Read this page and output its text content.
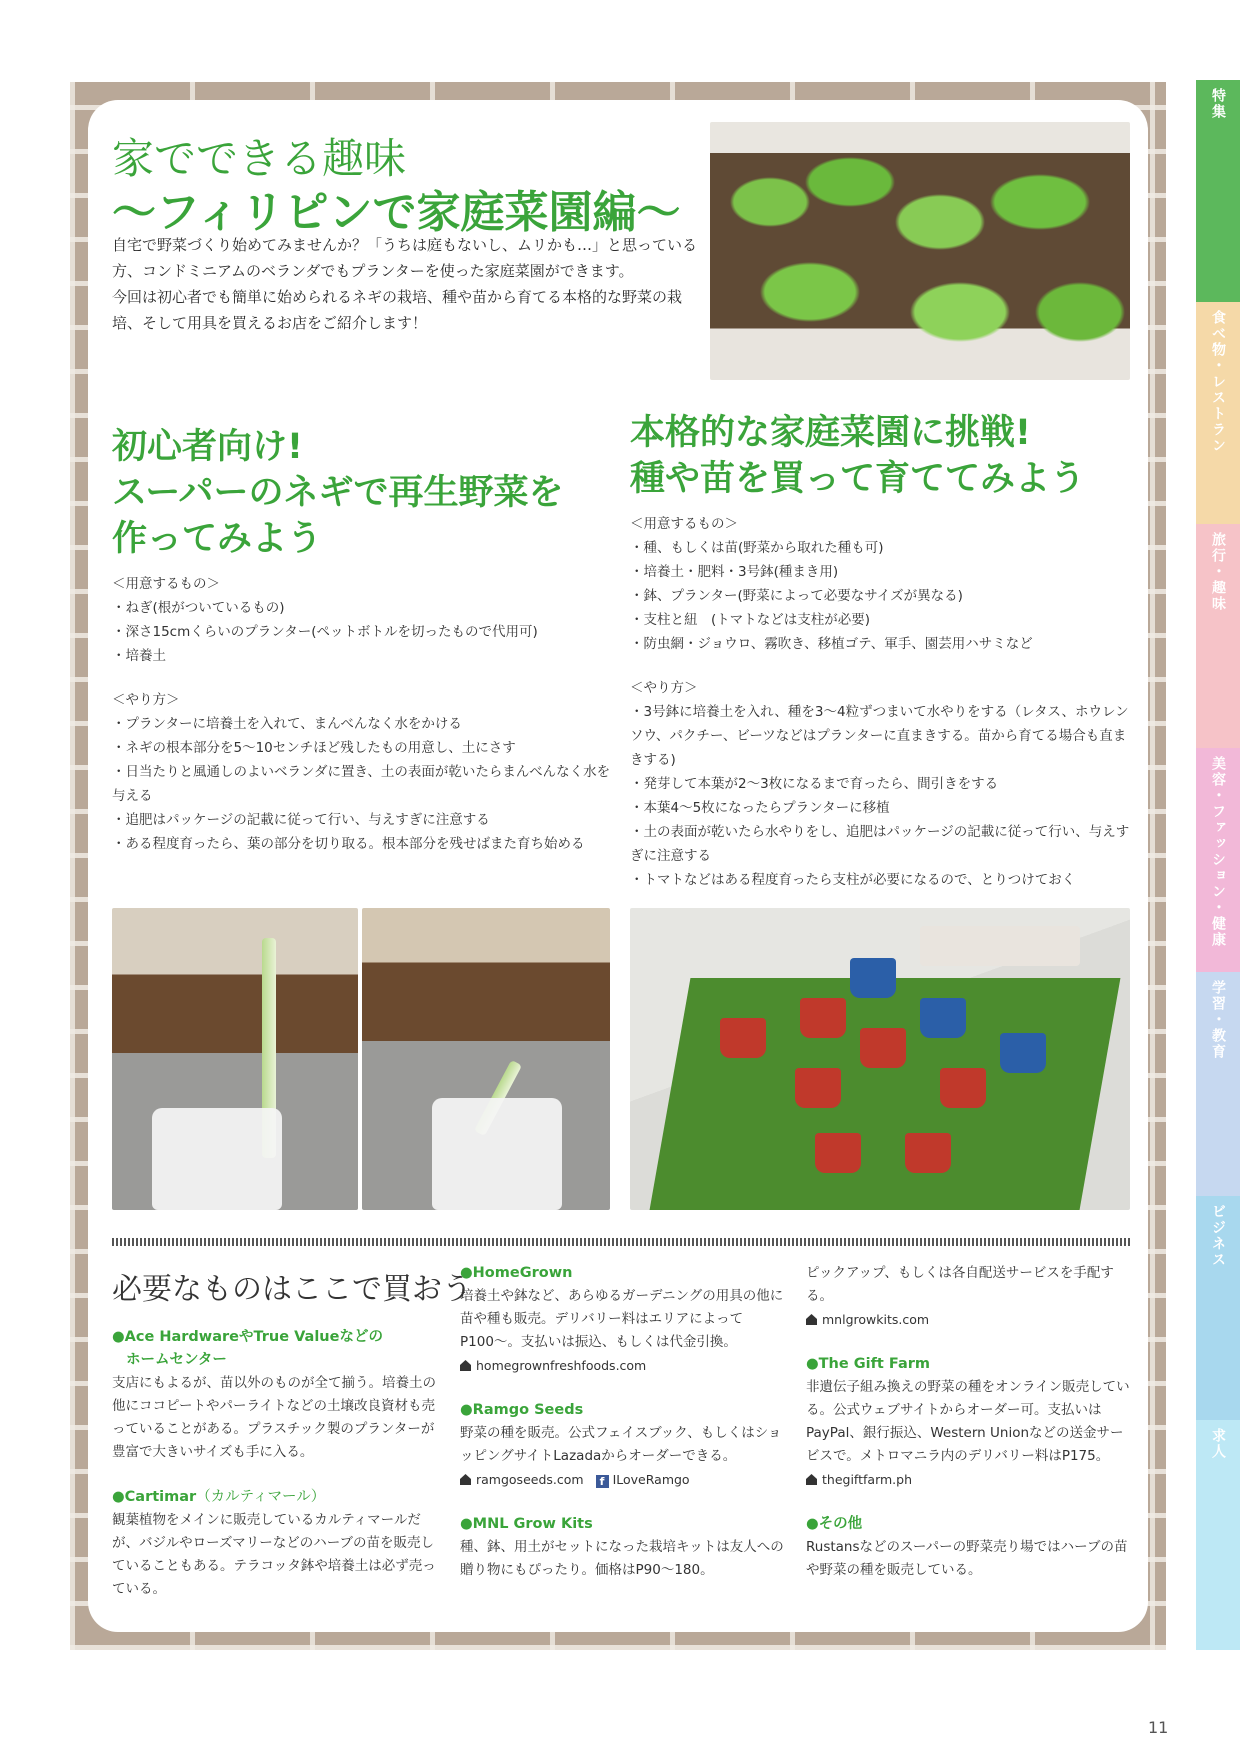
特集
食べ物・レストラン
旅行・趣味
美容・ファッション・健康
学習・教育
ビジネス
求人
家でできる趣味
〜フィリピンで家庭菜園編〜

自宅で野菜づくり始めてみませんか？「うちは庭もないし、ムリかも…」と思っている方、コンドミニアムのベランダでもプランターを使った家庭菜園ができます。

今回は初心者でも簡単に始められるネギの栽培、種や苗から育てる本格的な野菜の栽培、そして用具を買えるお店をご紹介します！

初心者向け!
スーパーのネギで再生野菜を
作ってみよう
＜用意するもの＞
・ねぎ(根がついているもの)
・深さ15cmくらいのプランター(ペットボトルを切ったもので代用可)
・培養土
＜やり方＞
・プランターに培養土を入れて、まんべんなく水をかける
・ネギの根本部分を5〜10センチほど残したもの用意し、土にさす
・日当たりと風通しのよいベランダに置き、土の表面が乾いたらまんべんなく水を与える
・追肥はパッケージの記載に従って行い、与えすぎに注意する
・ある程度育ったら、葉の部分を切り取る。根本部分を残せばまた育ち始める
本格的な家庭菜園に挑戦!
種や苗を買って育ててみよう
＜用意するもの＞
・種、もしくは苗(野菜から取れた種も可)
・培養土・肥料・3号鉢(種まき用)
・鉢、プランター(野菜によって必要なサイズが異なる)
・支柱と紐　(トマトなどは支柱が必要)
・防虫網・ジョウロ、霧吹き、移植ゴテ、軍手、園芸用ハサミなど
＜やり方＞
・3号鉢に培養土を入れ、種を3〜4粒ずつまいて水やりをする（レタス、ホウレンソウ、パクチー、ビーツなどはプランターに直まきする。苗から育てる場合も直まきする)
・発芽して本葉が2〜3枚になるまで育ったら、間引きをする
・本葉4〜5枚になったらプランターに移植
・土の表面が乾いたら水やりをし、追肥はパッケージの記載に従って行い、与えすぎに注意する
・トマトなどはある程度育ったら支柱が必要になるので、とりつけておく
必要なものはここで買おう
●Ace HardwareやTrue Valueなどの
ホームセンター

支店にもよるが、苗以外のものが全て揃う。培養土の他にココピートやパーライトなどの土壌改良資材も売っていることがある。プラスチック製のプランターが豊富で大きいサイズも手に入る。

●Cartimar（カルティマール）

観葉植物をメインに販売しているカルティマールだが、バジルやローズマリーなどのハーブの苗を販売していることもある。テラコッタ鉢や培養土は必ず売っている。

●HomeGrown

培養土や鉢など、あらゆるガーデニングの用具の他に苗や種も販売。デリバリー料はエリアによってP100〜。支払いは振込、もしくは代金引換。

homegrownfreshfoods.com
●Ramgo Seeds

野菜の種を販売。公式フェイスブック、もしくはショッピングサイトLazadaからオーダーできる。

ramgoseeds.com f ILoveRamgo
●MNL Grow Kits

種、鉢、用土がセットになった栽培キットは友人への贈り物にもぴったり。価格はP90〜180。

ピックアップ、もしくは各自配送サービスを手配する。

mnlgrowkits.com
●The Gift Farm

非遺伝子組み換えの野菜の種をオンライン販売している。公式ウェブサイトからオーダー可。支払いはPayPal、銀行振込、Western Unionなどの送金サービスで。メトロマニラ内のデリバリー料はP175。

thegiftfarm.ph
●その他

Rustansなどのスーパーの野菜売り場ではハーブの苗や野菜の種を販売している。

11
